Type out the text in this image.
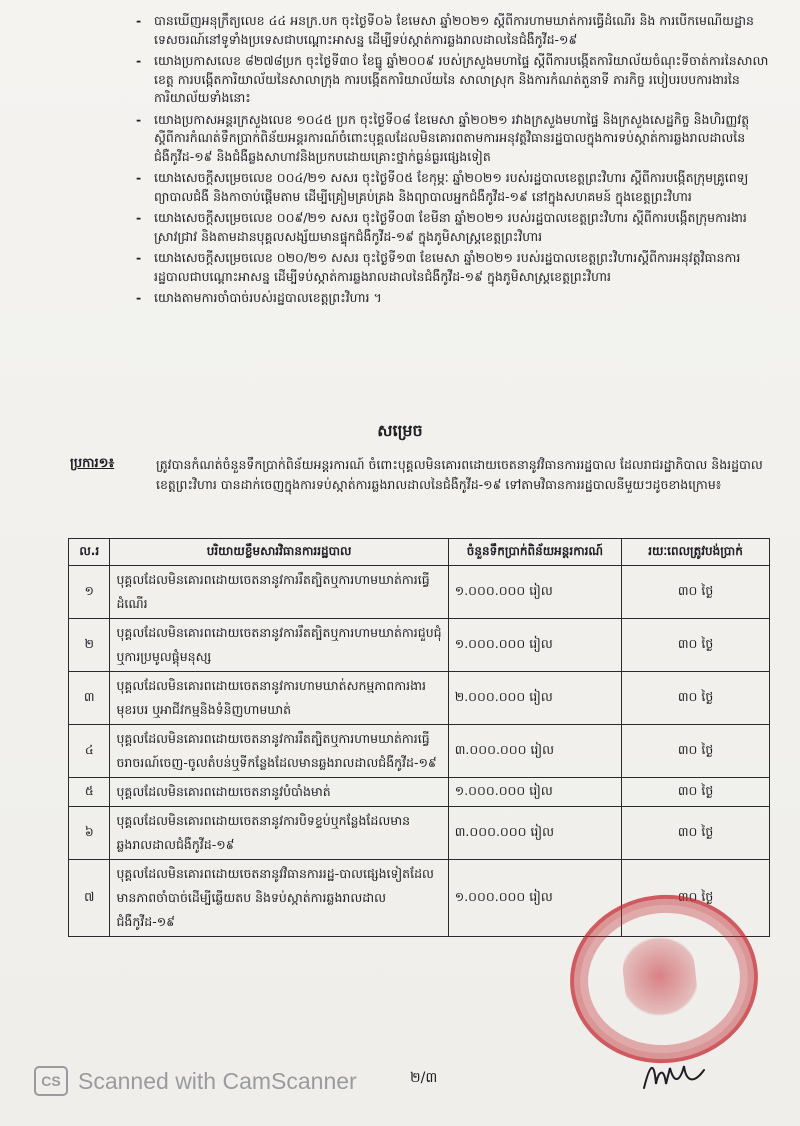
- បានឃើញអនុក្រឹត្យលេខ ៤៤ អនក្រ.បក ចុះថ្ងៃទី០៦ ខែមេសា ឆ្នាំ២០២១ ស្ដីពីការហាមឃាត់ការធ្វើដំណើរ និង ការបើកមេណីយដ្ឋានទេសចរណ៍នៅទូទាំងប្រទេសជាបណ្ដោះអាសន្ន ដើម្បីទប់ស្កាត់ការឆ្លងរាលដាលនៃជំងឺកូវីដ-១៩
- យោងប្រកាសលេខ ៨២៧៨ប្រក ចុះថ្ងៃទី៣០ ខែធ្នូ ឆ្នាំ២០០៩ របស់ក្រសួងមហាផ្ទៃ ស្ដីពីការបង្កើតការិយាល័យចំណុះទីចាត់ការនៃសាលាខេត្ត ការបង្កើតការិយាល័យនៃសាលាក្រុង ការបង្កើតការិយាល័យនៃ សាលាស្រុក និងការកំណត់តួនាទី ភារកិច្ច របៀបរបបការងារនៃការិយាល័យទាំងនោះ
- យោងប្រកាសអន្តរក្រសួងលេខ ១០៤៥ ប្រក ចុះថ្ងៃទី០៨ ខែមេសា ឆ្នាំ២០២១ រវាងក្រសួងមហាផ្ទៃ និងក្រសួងសេដ្ឋកិច្ច និងហិរញ្ញវត្ថុ ស្ដីពីការកំណត់ទឹកប្រាក់ពិន័យអន្តរការណ៍ចំពោះបុគ្គលដែលមិនគោរពតាមការអនុវត្តវិធានរដ្ឋបាលក្នុងការទប់ស្កាត់ការឆ្លងរាលដាលនៃជំងឺកូវីដ-១៩ និងជំងឺឆ្លងសាហាវនិងប្រកបដោយគ្រោះថ្នាក់ធ្ងន់ធ្ងរផ្សេងទៀត
- យោងសេចក្ដីសម្រេចលេខ ០០៤/២១ សសរ ចុះថ្ងៃទី០៥ ខែកុម្ភៈ ឆ្នាំ២០២១ របស់រដ្ឋបាលខេត្តព្រះវិហារ ស្ដីពីការបង្កើតក្រុមគ្រូពេទ្យព្យាបាលជំងឺ និងកាចាប់ផ្ដើមតាម ដើម្បីគ្រៀមគ្រប់គ្រង និងព្យាបាលអ្នកជំងឺកូវីដ-១៩ នៅក្នុងសហគមន៍ ក្នុងខេត្តព្រះវិហារ
- យោងសេចក្ដីសម្រេចលេខ ០០៩/២១ សសរ ចុះថ្ងៃទី០៣ ខែមីនា ឆ្នាំ២០២១ របស់រដ្ឋបាលខេត្តព្រះវិហារ ស្ដីពីការបង្កើតក្រុមការងារស្រាវជ្រាវ និងតាមដានបុគ្គលសង្ស័យមានផ្ទុកជំងឺកូវីដ-១៩ ក្នុងភូមិសាស្ត្រខេត្តព្រះវិហារ
- យោងសេចក្ដីសម្រេចលេខ ០២០/២១ សសរ ចុះថ្ងៃទី១៣ ខែមេសា ឆ្នាំ២០២១ របស់រដ្ឋបាលខេត្តព្រះវិហារស្ដីពីការអនុវត្តវិធានការរដ្ឋបាលជាបណ្ដោះអាសន្ន ដើម្បីទប់ស្កាត់ការឆ្លងរាលដាលនៃជំងឺកូវីដ-១៩ ក្នុងភូមិសាស្ត្រខេត្តព្រះវិហារ
- យោងតាមការចាំបាច់របស់រដ្ឋបាលខេត្តព្រះវិហារ ។
សម្រេច
ប្រការ១៖	ត្រូវបានកំណត់ចំនួនទឹកប្រាក់ពិន័យអន្តរការណ៍ ចំពោះបុគ្គលមិនគោរពដោយចេតនានូវវិធានការរដ្ឋបាល ដែលរាជរដ្ឋាភិបាល និងរដ្ឋបាលខេត្តព្រះវិហារ បានដាក់ចេញក្នុងការទប់ស្កាត់ការឆ្លងរាលដាលនៃជំងឺកូវីដ-១៩ ទៅតាមវិធានការរដ្ឋបាលនីមួយៗដូចខាងក្រោម៖
ល.រ	បរិយាយខ្លឹមសារវិធានការរដ្ឋបាល	ចំនួនទឹកប្រាក់ពិន័យអន្តរការណ៍	រយៈពេលត្រូវបង់ប្រាក់
១	បុគ្គលដែលមិនគោរពដោយចេតនានូវការរឹតត្បិតឬការហាមឃាត់ការធ្វើដំណើរ	១.០០០.០០០ រៀល	៣០ ថ្ងៃ
២	បុគ្គលដែលមិនគោរពដោយចេតនានូវការរឹតត្បិតឬការហាមឃាត់ការជួបជុំ ឬការប្រមូលផ្ដុំមនុស្ស	១.០០០.០០០ រៀល	៣០ ថ្ងៃ
៣	បុគ្គលដែលមិនគោរពដោយចេតនានូវការហាមឃាត់សកម្មភាពការងារ មុខរបរ ឬអាជីវកម្មនិងទំនិញហាមឃាត់	២.០០០.០០០ រៀល	៣០ ថ្ងៃ
៤	បុគ្គលដែលមិនគោរពដោយចេតនានូវការរឹតត្បិតឬការហាមឃាត់ការធ្វើចរាចរណ៍ចេញ-ចូលតំបន់ឬទីកន្លែងដែលមានឆ្លងរាលដាលជំងឺកូវីដ-១៩	៣.០០០.០០០ រៀល	៣០ ថ្ងៃ
៥	បុគ្គលដែលមិនគោរពដោយចេតនានូវបំបាំងមាត់	១.០០០.០០០ រៀល	៣០ ថ្ងៃ
៦	បុគ្គលដែលមិនគោរពដោយចេតនានូវការបិទខ្ទប់ឬកន្លែងដែលមានឆ្លងរាលដាលជំងឺកូវីដ-១៩	៣.០០០.០០០ រៀល	៣០ ថ្ងៃ
៧	បុគ្គលដែលមិនគោរពដោយចេតនានូវវិធានការរដ្ឋ-បាលផ្សេងទៀតដែលមានភាពចាំបាច់ដើម្បីឆ្លើយតប និងទប់ស្កាត់ការឆ្លងរាលដាលជំងឺកូវីដ-១៩	១.០០០.០០០ រៀល	៣០ ថ្ងៃ
CS Scanned with CamScanner	២/៣
